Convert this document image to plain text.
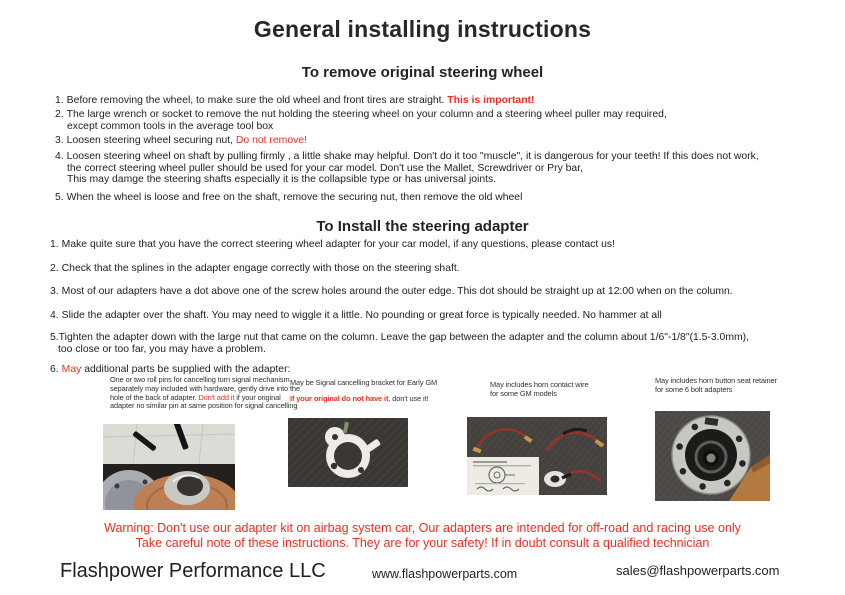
General installing instructions
To remove original steering wheel
1. Before removing the wheel, to make sure the old wheel and front tires are straight. This is important!
2. The large wrench or socket to remove the nut holding the steering wheel on your column and a steering wheel puller may required,
except common tools in the average tool box
3. Loosen steering wheel securing nut, Do not remove!
4. Loosen steering wheel on shaft by pulling firmly , a little shake may helpful. Don't do it too "muscle", it is dangerous for your teeth! If this does not work,
the correct steering wheel puller should be used for your car model. Don't use the Mallet, Screwdriver or Pry bar,
This may damge the steering shafts especially it is the collapsible type or has universal joints.
5. When the wheel is loose and free on the shaft, remove the securing nut, then remove the old wheel
To Install the steering adapter
1. Make quite sure that you have the correct steering wheel adapter for your car model, if any questions, please contact us!
2. Check that the splines in the adapter engage correctly with those on the steering shaft.
3. Most of our adapters have a dot above one of the screw holes around the outer edge. This dot should be straight up at 12:00 when on the column.
4. Slide the adapter over the shaft. You may need to wiggle it a little. No pounding or great force is typically needed. No hammer at all
5.Tighten the adapter down with the large nut that came on the column. Leave the gap between the adapter and the column about 1/6"-1/8"(1.5-3.0mm),
too close or too far, you may have a problem.
6. May additional parts be supplied with the adapter:
One or two roll pins for cancelling turn signal mechanism
separately may included with hardware, gently drive into the
hole of the back of adapter. Don't add it if your original
adapter no similar pin at same position for signal cancelling
May be Signal cancelling bracket for Early GM
If your original do not have it, don't use it!
May includes horn contact wire
for some GM models
May includes horn button seat retainer
for some 6 bolt adapters
Warning: Don't use our adapter kit on airbag system car, Our adapters are intended for off-road and racing use only
Take careful note of these instructions. They are for your safety! If in doubt consult a qualified technician
Flashpower Performance LLC	www.flashpowerparts.com	sales@flashpowerparts.com
